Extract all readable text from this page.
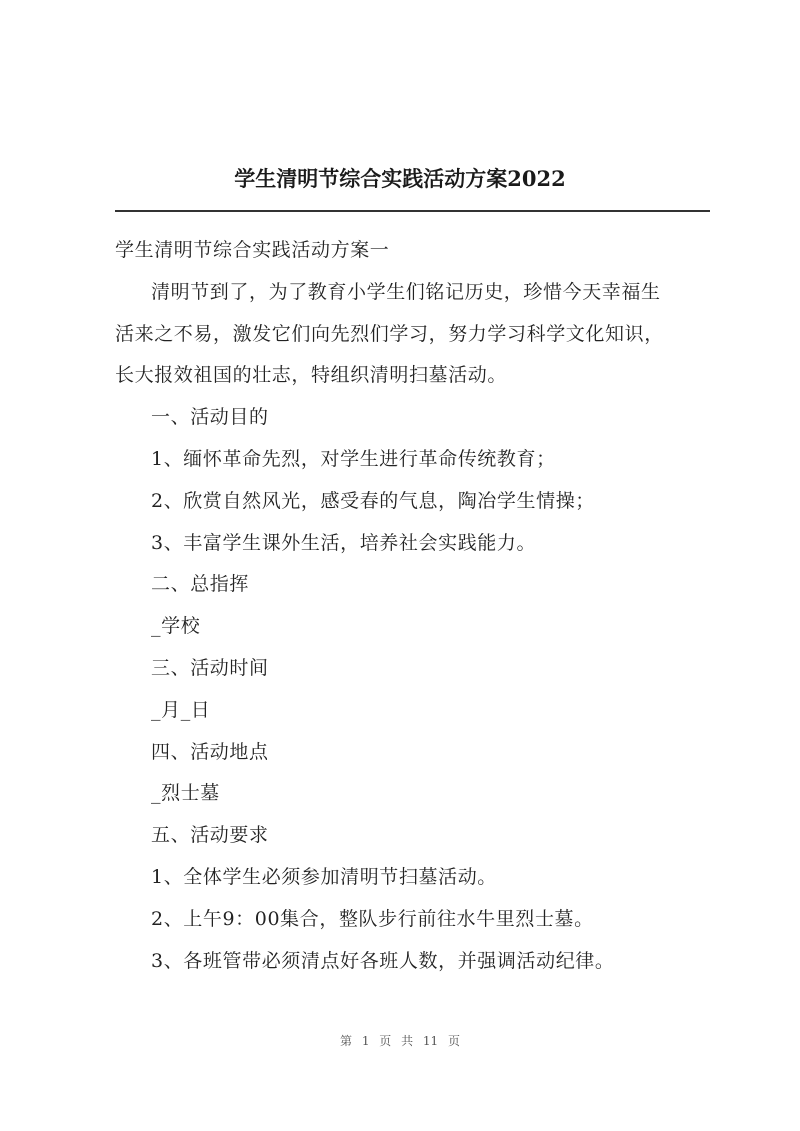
学生清明节综合实践活动方案2022
学生清明节综合实践活动方案一
清明节到了，为了教育小学生们铭记历史，珍惜今天幸福生
活来之不易，激发它们向先烈们学习，努力学习科学文化知识，
长大报效祖国的壮志，特组织清明扫墓活动。
一、活动目的
1、缅怀革命先烈，对学生进行革命传统教育；
2、欣赏自然风光，感受春的气息，陶冶学生情操；
3、丰富学生课外生活，培养社会实践能力。
二、总指挥
_学校
三、活动时间
_月_日
四、活动地点
_烈士墓
五、活动要求
1、全体学生必须参加清明节扫墓活动。
2、上午9：00集合，整队步行前往水牛里烈士墓。
3、各班管带必须清点好各班人数，并强调活动纪律。
第 1 页 共 11 页
